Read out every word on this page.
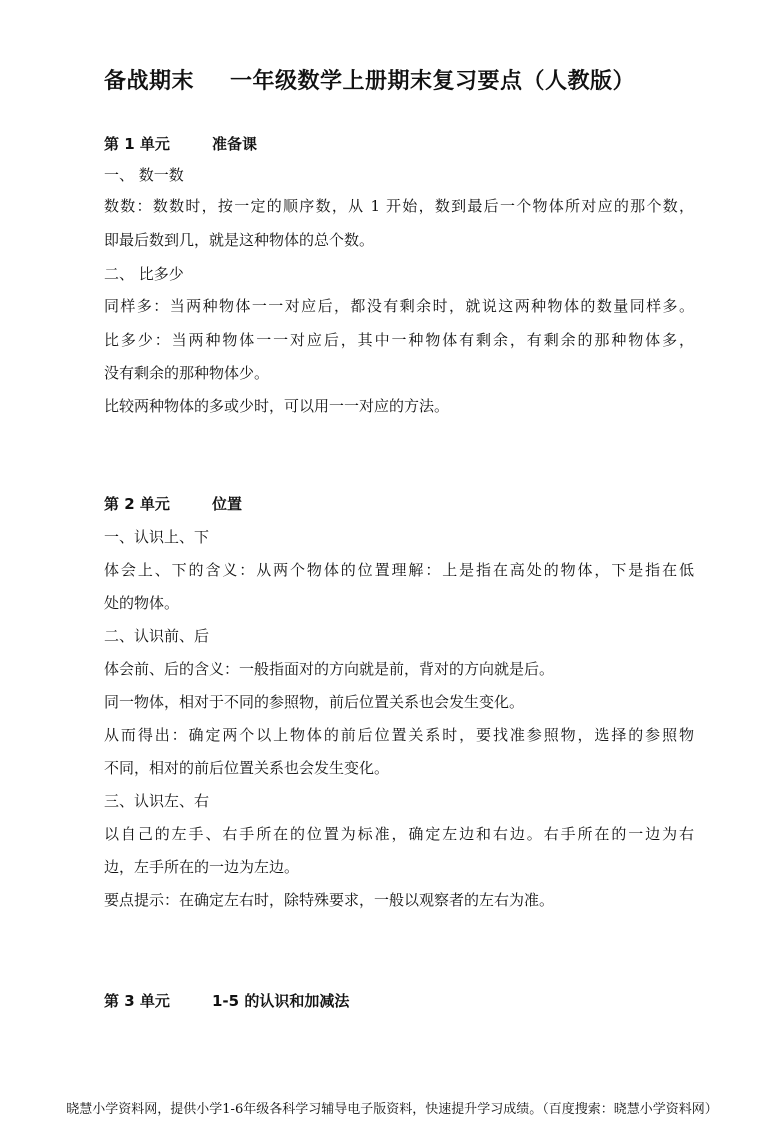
备战期末 一年级数学上册期末复习要点（人教版）
第 1 单元	准备课
一、 数一数
数数：数数时，按一定的顺序数，从 1 开始，数到最后一个物体所对应的那个数，
即最后数到几，就是这种物体的总个数。
二、 比多少
同样多：当两种物体一一对应后，都没有剩余时，就说这两种物体的数量同样多。
比多少：当两种物体一一对应后，其中一种物体有剩余，有剩余的那种物体多，
没有剩余的那种物体少。
比较两种物体的多或少时，可以用一一对应的方法。
第 2 单元	位置
一、认识上、下
体会上、下的含义：从两个物体的位置理解：上是指在高处的物体，下是指在低
处的物体。
二、认识前、后
体会前、后的含义：一般指面对的方向就是前，背对的方向就是后。
同一物体，相对于不同的参照物，前后位置关系也会发生变化。
从而得出：确定两个以上物体的前后位置关系时，要找准参照物，选择的参照物
不同，相对的前后位置关系也会发生变化。
三、认识左、右
以自己的左手、右手所在的位置为标准，确定左边和右边。右手所在的一边为右
边，左手所在的一边为左边。
要点提示：在确定左右时，除特殊要求，一般以观察者的左右为准。
第 3 单元	1-5 的认识和加减法
晓慧小学资料网，提供小学1-6年级各科学习辅导电子版资料，快速提升学习成绩。（百度搜索：晓慧小学资料网）
